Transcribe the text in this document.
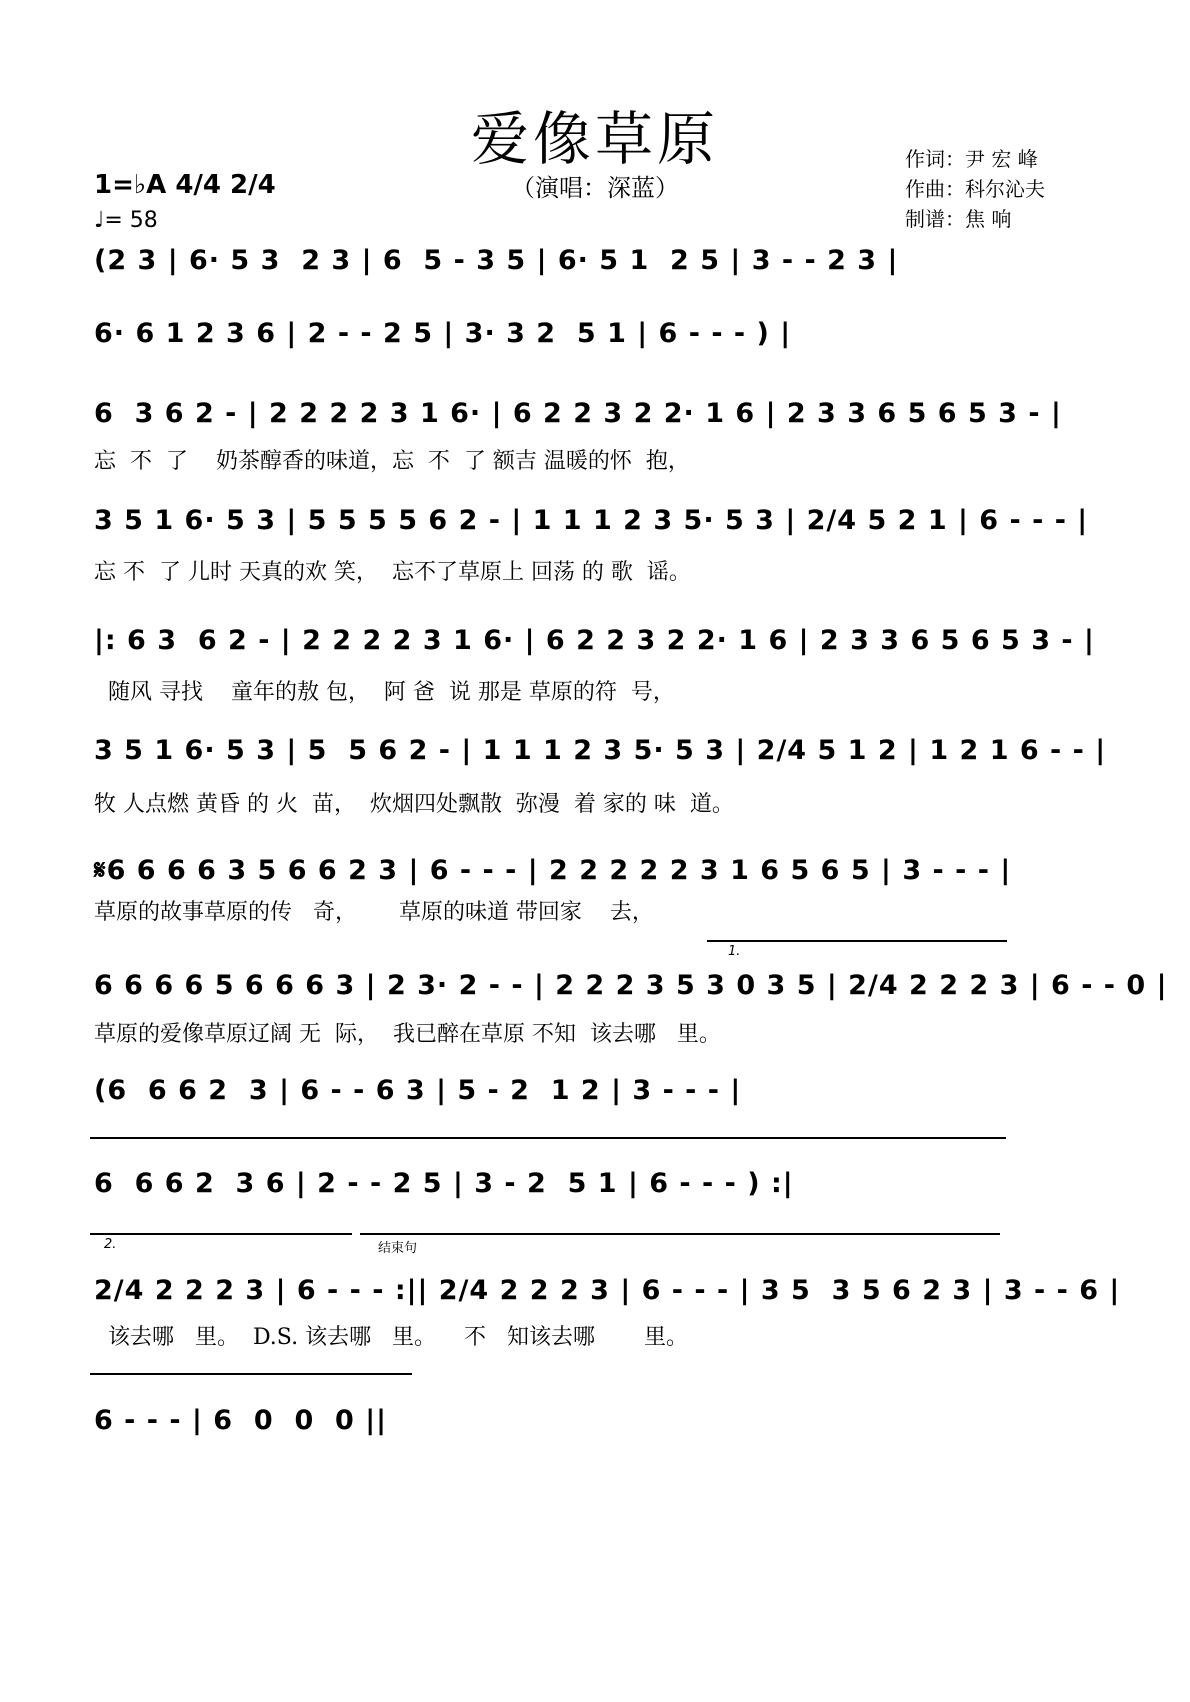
爱像草原
（演唱：深蓝）
作词：尹 宏 峰
作曲：科尔沁夫
制谱：焦 响
1=♭A 4/4 2/4
♩= 58
(2 3 | 6· 5 3  2 3 | 6  5 - 3 5 | 6· 5 1  2 5 | 3 - - 2 3 |
6· 6 1 2 3 6 | 2 - - 2 5 | 3· 3 2  5 1 | 6 - - - ) |
6  3 6 2 - | 2 2 2 2 3 1 6· | 6 2 2 3 2 2· 1 6 | 2 3 3 6 5 6 5 3 - |
忘  不  了    奶茶醇香的味道，忘  不  了 额吉 温暖的怀  抱，
3 5 1 6· 5 3 | 5 5 5 5 6 2 - | 1 1 1 2 3 5· 5 3 | 2/4 5 2 1 | 6 - - - |
忘 不  了 儿时 天真的欢 笑，  忘不了草原上 回荡 的 歌  谣。
|: 6 3  6 2 - | 2 2 2 2 3 1 6· | 6 2 2 3 2 2· 1 6 | 2 3 3 6 5 6 5 3 - |
随风 寻找    童年的敖 包，  阿 爸  说 那是 草原的符  号，
3 5 1 6· 5 3 | 5  5 6 2 - | 1 1 1 2 3 5· 5 3 | 2/4 5 1 2 | 1 2 1 6 - - |
牧 人点燃 黄昏 的 火  苗，  炊烟四处飘散  弥漫  着 家的 味  道。
𝄋6 6 6 6 3 5 6 6 2 3 | 6 - - - | 2 2 2 2 2 3 1 6 5 6 5 | 3 - - - |
草原的故事草原的传   奇，      草原的味道 带回家    去，
1.
6 6 6 6 5 6 6 6 3 | 2 3· 2 - - | 2 2 2 3 5 3 0 3 5 | 2/4 2 2 2 3 | 6 - - 0 |
草原的爱像草原辽阔 无  际，  我已醉在草原 不知  该去哪   里。
(6  6 6 2  3 | 6 - - 6 3 | 5 - 2  1 2 | 3 - - - |
6  6 6 2  3 6 | 2 - - 2 5 | 3 - 2  5 1 | 6 - - - ) :|
2.	结束句
2/4 2 2 2 3 | 6 - - - :|| 2/4 2 2 2 3 | 6 - - - | 3 5  3 5 6 2 3 | 3 - - 6 |
该去哪   里。  D.S. 该去哪   里。    不   知该去哪       里。
6 - - - | 6  0  0  0 ||
